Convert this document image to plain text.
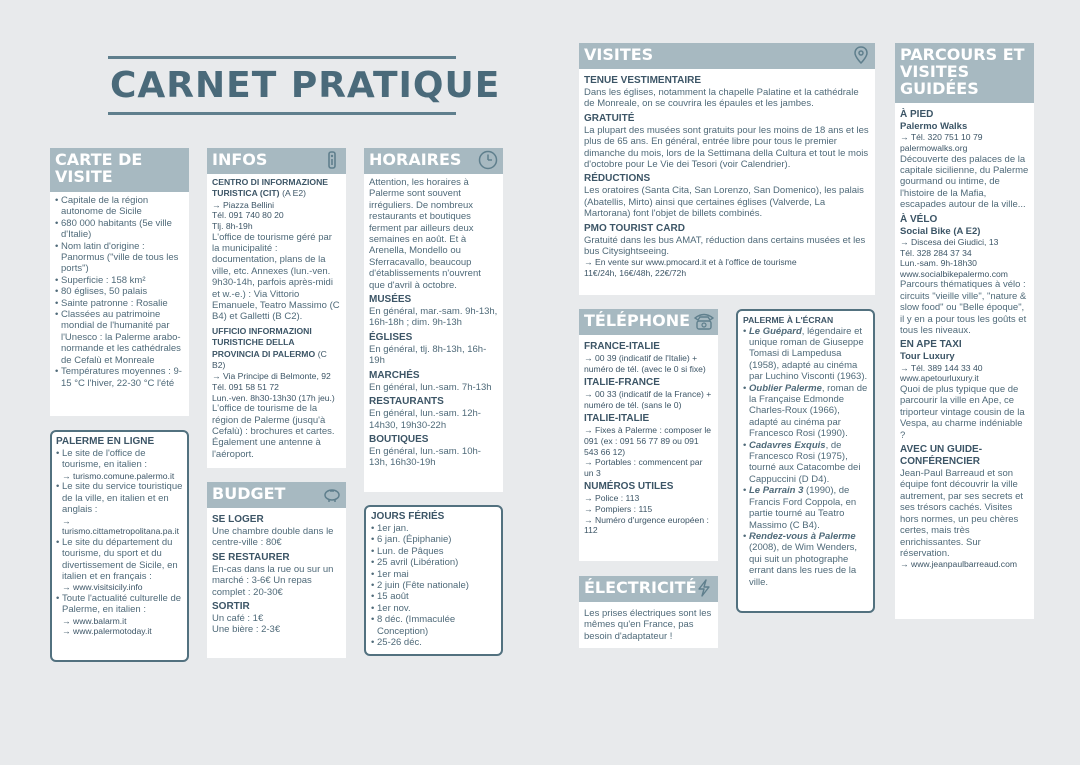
CARNET PRATIQUE
CARTE DE VISITE
• Capitale de la région autonome de Sicile
• 680 000 habitants (5e ville d'Italie)
• Nom latin d'origine : Panormus ("ville de tous les ports")
• Superficie : 158 km²
• 80 églises, 50 palais
• Sainte patronne : Rosalie
• Classées au patrimoine mondial de l'humanité par l'Unesco : la Palerme arabo-normande et les cathédrales de Cefalù et Monreale
• Températures moyennes : 9-15 °C l'hiver, 22-30 °C l'été
PALERME EN LIGNE
• Le site de l'office de tourisme, en italien :
→ turismo.comune.palermo.it
• Le site du service touristique de la ville, en italien et en anglais :
→ turismo.cittametropolitana.pa.it
• Le site du département du tourisme, du sport et du divertissement de Sicile, en italien et en français :
→ www.visitsicily.info
• Toute l'actualité culturelle de Palerme, en italien :
→ www.balarm.it
→ www.palermotoday.it
INFOS
CENTRO DI INFORMAZIONE TURISTICA (CIT) (A E2)
→ Piazza Bellini
Tél. 091 740 80 20
Tlj. 8h-19h
L'office de tourisme géré par la municipalité : documentation, plans de la ville, etc. Annexes (lun.-ven. 9h30-14h, parfois après-midi et w.-e.) : Via Vittorio Emanuele, Teatro Massimo (C B4) et Galletti (B C2).
UFFICIO INFORMAZIONI TURISTICHE DELLA PROVINCIA DI PALERMO (C B2)
→ Via Principe di Belmonte, 92
Tél. 091 58 51 72
Lun.-ven. 8h30-13h30 (17h jeu.)
L'office de tourisme de la région de Palerme (jusqu'à Cefalù) : brochures et cartes. Également une antenne à l'aéroport.
BUDGET
SE LOGER
Une chambre double dans le centre-ville : 80€
SE RESTAURER
En-cas dans la rue ou sur un marché : 3-6€ Un repas complet : 20-30€
SORTIR
Un café : 1€
Une bière : 2-3€
HORAIRES
Attention, les horaires à Palerme sont souvent irréguliers. De nombreux restaurants et boutiques ferment par ailleurs deux semaines en août. Et à Arenella, Mondello ou Sferracavallo, beaucoup d'établissements n'ouvrent que d'avril à octobre.
MUSÉES
En général, mar.-sam. 9h-13h, 16h-18h ; dim. 9h-13h
ÉGLISES
En général, tlj. 8h-13h, 16h-19h
MARCHÉS
En général, lun.-sam. 7h-13h
RESTAURANTS
En général, lun.-sam. 12h-14h30, 19h30-22h
BOUTIQUES
En général, lun.-sam. 10h-13h, 16h30-19h
JOURS FÉRIÉS
• 1er jan.
• 6 jan. (Épiphanie)
• Lun. de Pâques
• 25 avril (Libération)
• 1er mai
• 2 juin (Fête nationale)
• 15 août
• 1er nov.
• 8 déc. (Immaculée Conception)
• 25-26 déc.
VISITES
TENUE VESTIMENTAIRE
Dans les églises, notamment la chapelle Palatine et la cathédrale de Monreale, on se couvrira les épaules et les jambes.
GRATUITÉ
La plupart des musées sont gratuits pour les moins de 18 ans et les plus de 65 ans. En général, entrée libre pour tous le premier dimanche du mois, lors de la Settimana della Cultura et tout le mois d'octobre pour Le Vie dei Tesori (voir Calendrier).
RÉDUCTIONS
Les oratoires (Santa Cita, San Lorenzo, San Domenico), les palais (Abatellis, Mirto) ainsi que certaines églises (Valverde, La Martorana) font l'objet de billets combinés.
PMO TOURIST CARD
Gratuité dans les bus AMAT, réduction dans certains musées et les bus Citysightseeing.
→ En vente sur www.pmocard.it et à l'office de tourisme
11€/24h, 16€/48h, 22€/72h
TÉLÉPHONE
FRANCE-ITALIE
→ 00 39 (indicatif de l'Italie) + numéro de tél. (avec le 0 si fixe)
ITALIE-FRANCE
→ 00 33 (indicatif de la France) + numéro de tél. (sans le 0)
ITALIE-ITALIE
→ Fixes à Palerme : composer le 091 (ex : 091 56 77 89 ou 091 543 66 12)
→ Portables : commencent par un 3
NUMÉROS UTILES
→ Police : 113
→ Pompiers : 115
→ Numéro d'urgence européen : 112
ÉLECTRICITÉ
Les prises électriques sont les mêmes qu'en France, pas besoin d'adaptateur !
PALERME À L'ÉCRAN
• Le Guépard, légendaire et unique roman de Giuseppe Tomasi di Lampedusa (1958), adapté au cinéma par Luchino Visconti (1963).
• Oublier Palerme, roman de la Française Edmonde Charles-Roux (1966), adapté au cinéma par Francesco Rosi (1990).
• Cadavres Exquis, de Francesco Rosi (1975), tourné aux Catacombe dei Cappuccini (D D4).
• Le Parrain 3 (1990), de Francis Ford Coppola, en partie tourné au Teatro Massimo (C B4).
• Rendez-vous à Palerme (2008), de Wim Wenders, qui suit un photographe errant dans les rues de la ville.
PARCOURS ET VISITES GUIDÉES
À PIED
Palermo Walks
→ Tél. 320 751 10 79
palermowalks.org
Découverte des palaces de la capitale sicilienne, du Palerme gourmand ou intime, de l'histoire de la Mafia, escapades autour de la ville...
À VÉLO
Social Bike (A E2)
→ Discesa dei Giudici, 13
Tél. 328 284 37 34
Lun.-sam. 9h-18h30
www.socialbikepalermo.com
Parcours thématiques à vélo : circuits "vieille ville", "nature & slow food" ou "Belle époque", il y en a pour tous les goûts et tous les niveaux.
EN APE TAXI
Tour Luxury
→ Tél. 389 144 33 40
www.apetourluxury.it
Quoi de plus typique que de parcourir la ville en Ape, ce triporteur vintage cousin de la Vespa, au charme indéniable ?
AVEC UN GUIDE-CONFÉRENCIER
Jean-Paul Barreaud et son équipe font découvrir la ville autrement, par ses secrets et ses trésors cachés. Visites hors normes, un peu chères certes, mais très enrichissantes. Sur réservation.
→ www.jeanpaulbarreaud.com
